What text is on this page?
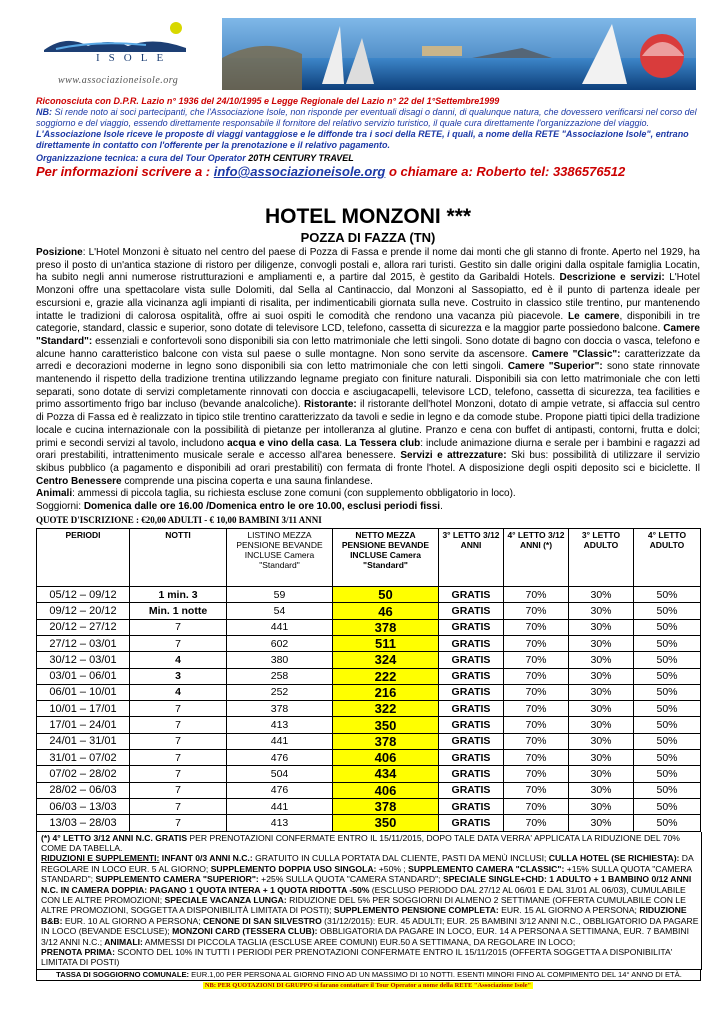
ISOLE
www.associazioneisole.org
Riconosciuta con D.P.R. Lazio n° 1936 del 24/10/1995 e Legge Regionale del Lazio n° 22 del 1°Settembre1999
NB: Si rende noto ai soci partecipanti, che l'Associazione Isole, non risponde per eventuali disagi o danni, di qualunque natura, che dovessero verificarsi nel corso del soggiorno e del viaggio, essendo direttamente responsabile il fornitore del relativo servizio turistico, il quale cura direttamente l'organizzazione del viaggio. L'Associazione Isole riceve le proposte di viaggi vantaggiose e le diffonde tra i soci della RETE, i quali, a nome della RETE "Associazione Isole", entrano direttamente in contatto con l'offerente per la prenotazione e il relativo pagamento.
Organizzazione tecnica: a cura del Tour Operator 20TH CENTURY TRAVEL
Per informazioni scrivere a : info@associazioneisole.org o chiamare a: Roberto tel: 3386576512
HOTEL MONZONI ***
POZZA DI FAZZA (TN)
Posizione: L'Hotel Monzoni è situato nel centro del paese di Pozza di Fassa e prende il nome dai monti che gli stanno di fronte. Aperto nel 1929, ha preso il posto di un'antica stazione di ristoro per diligenze, convogli postali e, allora rari turisti. Gestito sin dalle origini dalla ospitale famiglia Locatin, ha subito negli anni numerose ristrutturazioni e ampliamenti e, a partire dal 2015, è gestito da Garibaldi Hotels. Descrizione e servizi: L'Hotel Monzoni offre una spettacolare vista sulle Dolomiti, dal Sella al Cantinaccio, dal Monzoni al Sassopiatto, ed è il punto di partenza ideale per escursioni e, grazie alla vicinanza agli impianti di risalita, per indimenticabili giornata sulla neve. Costruito in classico stile trentino, pur mantenendo intatte le tradizioni di calorosa ospitalità, offre ai suoi ospiti le comodità che rendono una vacanza più piacevole. Le camere, disponibili in tre categorie, standard, classic e superior, sono dotate di televisore LCD, telefono, cassetta di sicurezza e la maggior parte possiedono balcone. Camere "Standard": essenziali e confortevoli sono disponibili sia con letto matrimoniale che letti singoli. Sono dotate di bagno con doccia o vasca, telefono e alcune hanno caratteristico balcone con vista sul paese o sulle montagne. Non sono servite da ascensore. Camere "Classic": caratterizzate da arredi e decorazioni moderne in legno sono disponibili sia con letto matrimoniale che con letti singoli. Camere "Superior": sono state rinnovate mantenendo il rispetto della tradizione trentina utilizzando legname pregiato con finiture naturali. Disponibili sia con letto matrimoniale che con letti separati, sono dotate di servizi completamente rinnovati con doccia e asciugacapelli, televisore LCD, telefono, cassetta di sicurezza, tea facilities e primo assortimento frigo bar incluso (bevande analcoliche). Ristorante: il ristorante dell'hotel Monzoni, dotato di ampie vetrate, si affaccia sul centro di Pozza di Fassa ed è realizzato in tipico stile trentino caratterizzato da tavoli e sedie in legno e da comode stube. Propone piatti tipici della tradizione locale e cucina internazionale con la possibilità di pietanze per intolleranza al glutine. Pranzo e cena con buffet di antipasti, contorni, frutta e dolci; primi e secondi servizi al tavolo, includono acqua e vino della casa. La Tessera club: include animazione diurna e serale per i bambini e ragazzi ad orari prestabiliti, intrattenimento musicale serale e accesso all'area benessere. Servizi e attrezzature: Ski bus: possibilità di utilizzare il servizio skibus pubblico (a pagamento e disponibili ad orari prestabiliti) con fermata di fronte l'hotel. A disposizione degli ospiti deposito sci e biciclette. Il Centro Benessere comprende una piscina coperta e una sauna finlandese.
Animali: ammessi di piccola taglia, su richiesta escluse zone comuni (con supplemento obbligatorio in loco).
Soggiorni: Domenica dalle ore 16.00 /Domenica entro le ore 10.00, esclusi periodi fissi.
QUOTE D'ISCRIZIONE : €20,00 ADULTI - € 10,00 BAMBINI 3/11 ANNI
PERIODI	NOTTI	LISTINO MEZZA PENSIONE BEVANDE INCLUSE Camera "Standard"	NETTO MEZZA PENSIONE BEVANDE INCLUSE Camera "Standard"	3° LETTO 3/12 ANNI	4° LETTO 3/12 ANNI (*)	3° LETTO ADULTO	4° LETTO ADULTO
05/12 – 09/12	1 min. 3	59	50	GRATIS	70%	30%	50%
09/12 – 20/12	Min. 1 notte	54	46	GRATIS	70%	30%	50%
20/12 – 27/12	7	441	378	GRATIS	70%	30%	50%
27/12 – 03/01	7	602	511	GRATIS	70%	30%	50%
30/12 – 03/01	4	380	324	GRATIS	70%	30%	50%
03/01 – 06/01	3	258	222	GRATIS	70%	30%	50%
06/01 – 10/01	4	252	216	GRATIS	70%	30%	50%
10/01 – 17/01	7	378	322	GRATIS	70%	30%	50%
17/01 – 24/01	7	413	350	GRATIS	70%	30%	50%
24/01 – 31/01	7	441	378	GRATIS	70%	30%	50%
31/01 – 07/02	7	476	406	GRATIS	70%	30%	50%
07/02 – 28/02	7	504	434	GRATIS	70%	30%	50%
28/02 – 06/03	7	476	406	GRATIS	70%	30%	50%
06/03 – 13/03	7	441	378	GRATIS	70%	30%	50%
13/03 – 28/03	7	413	350	GRATIS	70%	30%	50%

(*) 4° LETTO 3/12 ANNI N.C. GRATIS PER PRENOTAZIONI CONFERMATE ENTRO IL 15/11/2015, DOPO TALE DATA VERRA' APPLICATA LA RIDUZIONE DEL 70% COME DA TABELLA.

RIDUZIONI E SUPPLEMENTI: INFANT 0/3 ANNI N.C.: GRATUITO IN CULLA PORTATA DAL CLIENTE, PASTI DA MENÙ INCLUSI; CULLA HOTEL (SE RICHIESTA): DA REGOLARE IN LOCO EUR. 5 AL GIORNO; SUPPLEMENTO DOPPIA USO SINGOLA: +50% ; SUPPLEMENTO CAMERA "CLASSIC": +15% SULLA QUOTA "CAMERA STANDARD"; SUPPLEMENTO CAMERA "SUPERIOR": +25% SULLA QUOTA "CAMERA STANDARD"; SPECIALE SINGLE+CHD: 1 ADULTO + 1 BAMBINO 0/12 ANNI N.C. IN CAMERA DOPPIA: PAGANO 1 QUOTA INTERA + 1 QUOTA RIDOTTA -50% (ESCLUSO PERIODO DAL 27/12 AL 06/01 E DAL 31/01 AL 06/03), CUMULABILE CON LE ALTRE PROMOZIONI; SPECIALE VACANZA LUNGA: RIDUZIONE DEL 5% PER SOGGIORNI DI ALMENO 2 SETTIMANE (OFFERTA CUMULABILE CON LE ALTRE PROMOZIONI, SOGGETTA A DISPONIBILITÀ LIMITATA DI POSTI); SUPPLEMENTO PENSIONE COMPLETA: EUR. 15 AL GIORNO A PERSONA; RIDUZIONE B&B: EUR. 10 AL GIORNO A PERSONA; CENONE DI SAN SILVESTRO (31/12/2015): EUR. 45 ADULTI; EUR. 25 BAMBINI 3/12 ANNI N.C., OBBLIGATORIO DA PAGARE IN LOCO (BEVANDE ESCLUSE); MONZONI CARD (TESSERA CLUB): OBBLIGATORIA DA PAGARE IN LOCO, EUR. 14 A PERSONA A SETTIMANA, EUR. 7 BAMBINI 3/12 ANNI N.C.; ANIMALI: AMMESSI DI PICCOLA TAGLIA (ESCLUSE AREE COMUNI) EUR.50 A SETTIMANA, DA REGOLARE IN LOCO;

PRENOTA PRIMA: SCONTO DEL 10% IN TUTTI I PERIODI PER PRENOTAZIONI CONFERMATE ENTRO IL 15/11/2015 (OFFERTA SOGGETTA A DISPONIBILITA' LIMITATA DI POSTI)

TASSA DI SOGGIORNO COMUNALE: EUR.1,00 PER PERSONA AL GIORNO FINO AD UN MASSIMO DI 10 NOTTI. ESENTI MINORI FINO AL COMPIMENTO DEL 14° ANNO DI ETÀ.
NB: PER QUOTAZIONI DI GRUPPO si farano contattare il Tour Operator a nome della RETE "Associazione Isole"
